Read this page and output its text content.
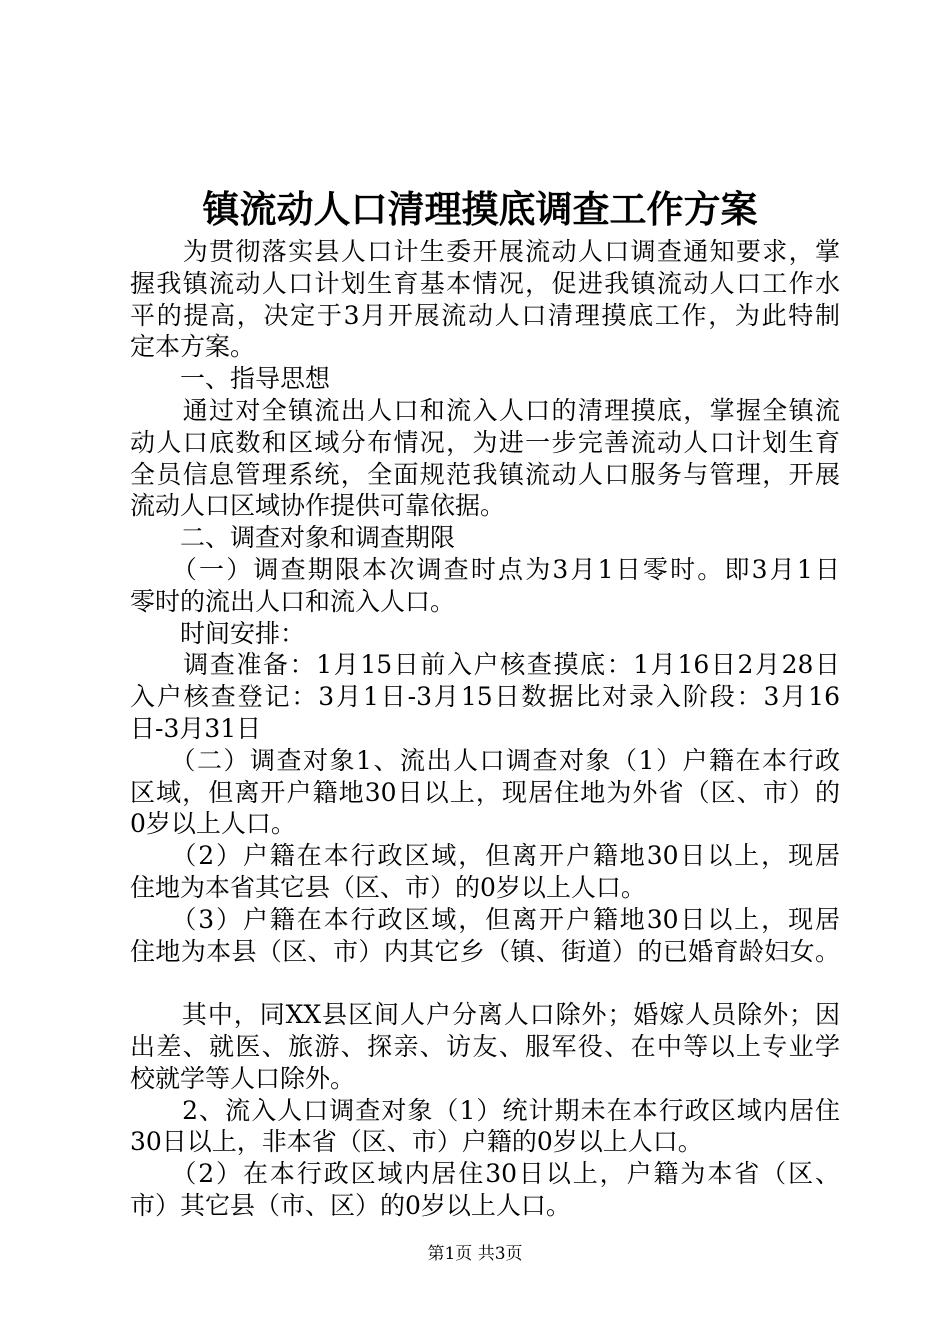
镇流动人口清理摸底调查工作方案
　　为贯彻落实县人口计生委开展流动人口调查通知要求，掌
握我镇流动人口计划生育基本情况，促进我镇流动人口工作水
平的提高，决定于3月开展流动人口清理摸底工作，为此特制
定本方案。
　　一、指导思想
　　通过对全镇流出人口和流入人口的清理摸底，掌握全镇流
动人口底数和区域分布情况，为进一步完善流动人口计划生育
全员信息管理系统，全面规范我镇流动人口服务与管理，开展
流动人口区域协作提供可靠依据。
　　二、调查对象和调查期限
　　（一）调查期限本次调查时点为3月1日零时。即3月1日
零时的流出人口和流入人口。
　　时间安排：
　　调查准备：1月15日前入户核查摸底：1月16日2月28日
入户核查登记：3月1日-3月15日数据比对录入阶段：3月16
日-3月31日
　　（二）调查对象1、流出人口调查对象（1）户籍在本行政
区域，但离开户籍地30日以上，现居住地为外省（区、市）的
0岁以上人口。
　　（2）户籍在本行政区域，但离开户籍地30日以上，现居
住地为本省其它县（区、市）的0岁以上人口。
　　（3）户籍在本行政区域，但离开户籍地30日以上，现居
住地为本县（区、市）内其它乡（镇、街道）的已婚育龄妇女。
　　其中，同XX县区间人户分离人口除外；婚嫁人员除外；因
出差、就医、旅游、探亲、访友、服军役、在中等以上专业学
校就学等人口除外。
　　2、流入人口调查对象（1）统计期未在本行政区域内居住
30日以上，非本省（区、市）户籍的0岁以上人口。
　　（2）在本行政区域内居住30日以上，户籍为本省（区、
市）其它县（市、区）的0岁以上人口。
第1页 共3页
